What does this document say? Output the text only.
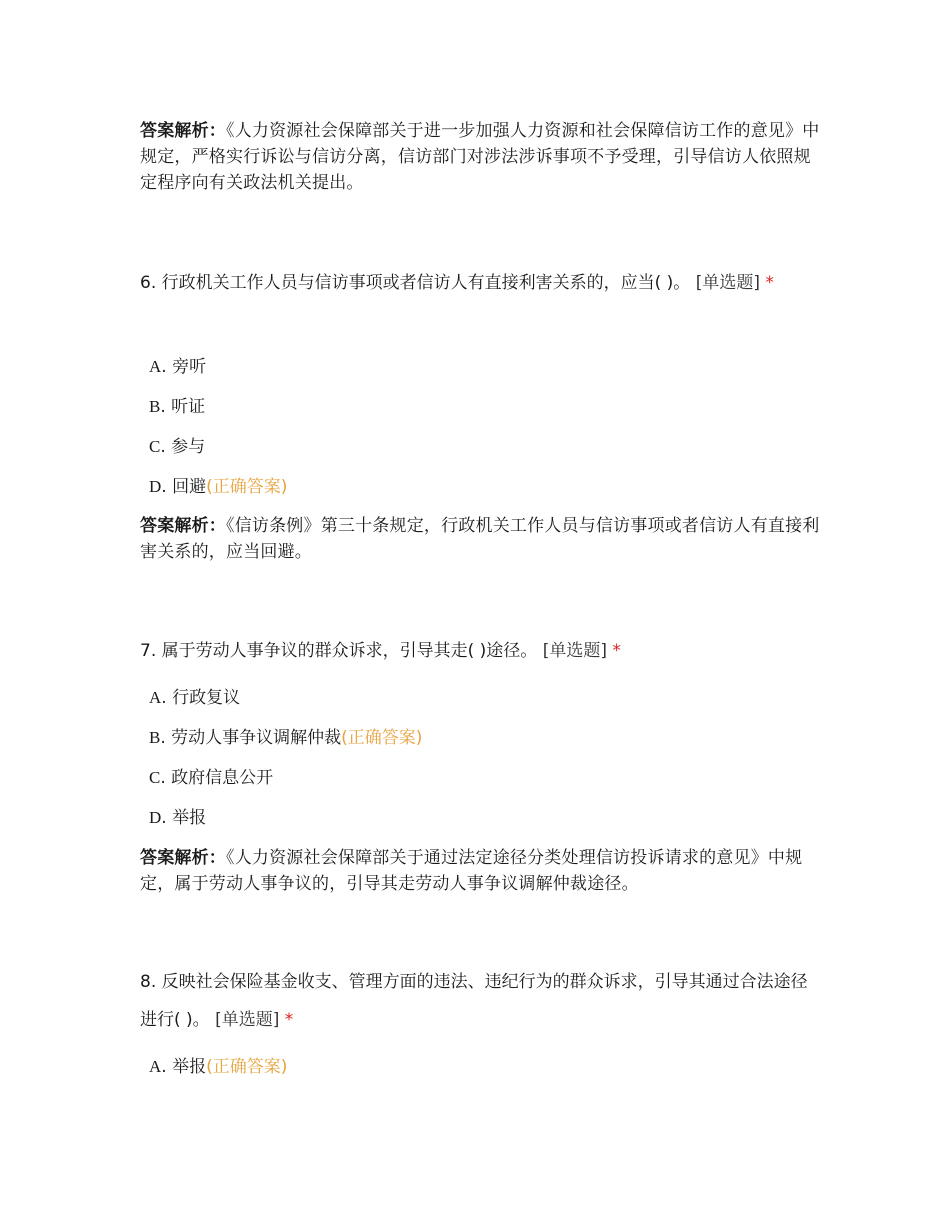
答案解析：《人力资源社会保障部关于进一步加强人力资源和社会保障信访工作的意见》中规定，严格实行诉讼与信访分离，信访部门对涉法涉诉事项不予受理，引导信访人依照规定程序向有关政法机关提出。
6. 行政机关工作人员与信访事项或者信访人有直接利害关系的，应当( )。 [单选题] *
A. 旁听
B. 听证
C. 参与
D. 回避(正确答案)
答案解析：《信访条例》第三十条规定，行政机关工作人员与信访事项或者信访人有直接利害关系的，应当回避。
7. 属于劳动人事争议的群众诉求，引导其走( )途径。 [单选题] *
A. 行政复议
B. 劳动人事争议调解仲裁(正确答案)
C. 政府信息公开
D. 举报
答案解析：《人力资源社会保障部关于通过法定途径分类处理信访投诉请求的意见》中规定，属于劳动人事争议的，引导其走劳动人事争议调解仲裁途径。
8. 反映社会保险基金收支、管理方面的违法、违纪行为的群众诉求，引导其通过合法途径进行( )。 [单选题] *
A. 举报(正确答案)
